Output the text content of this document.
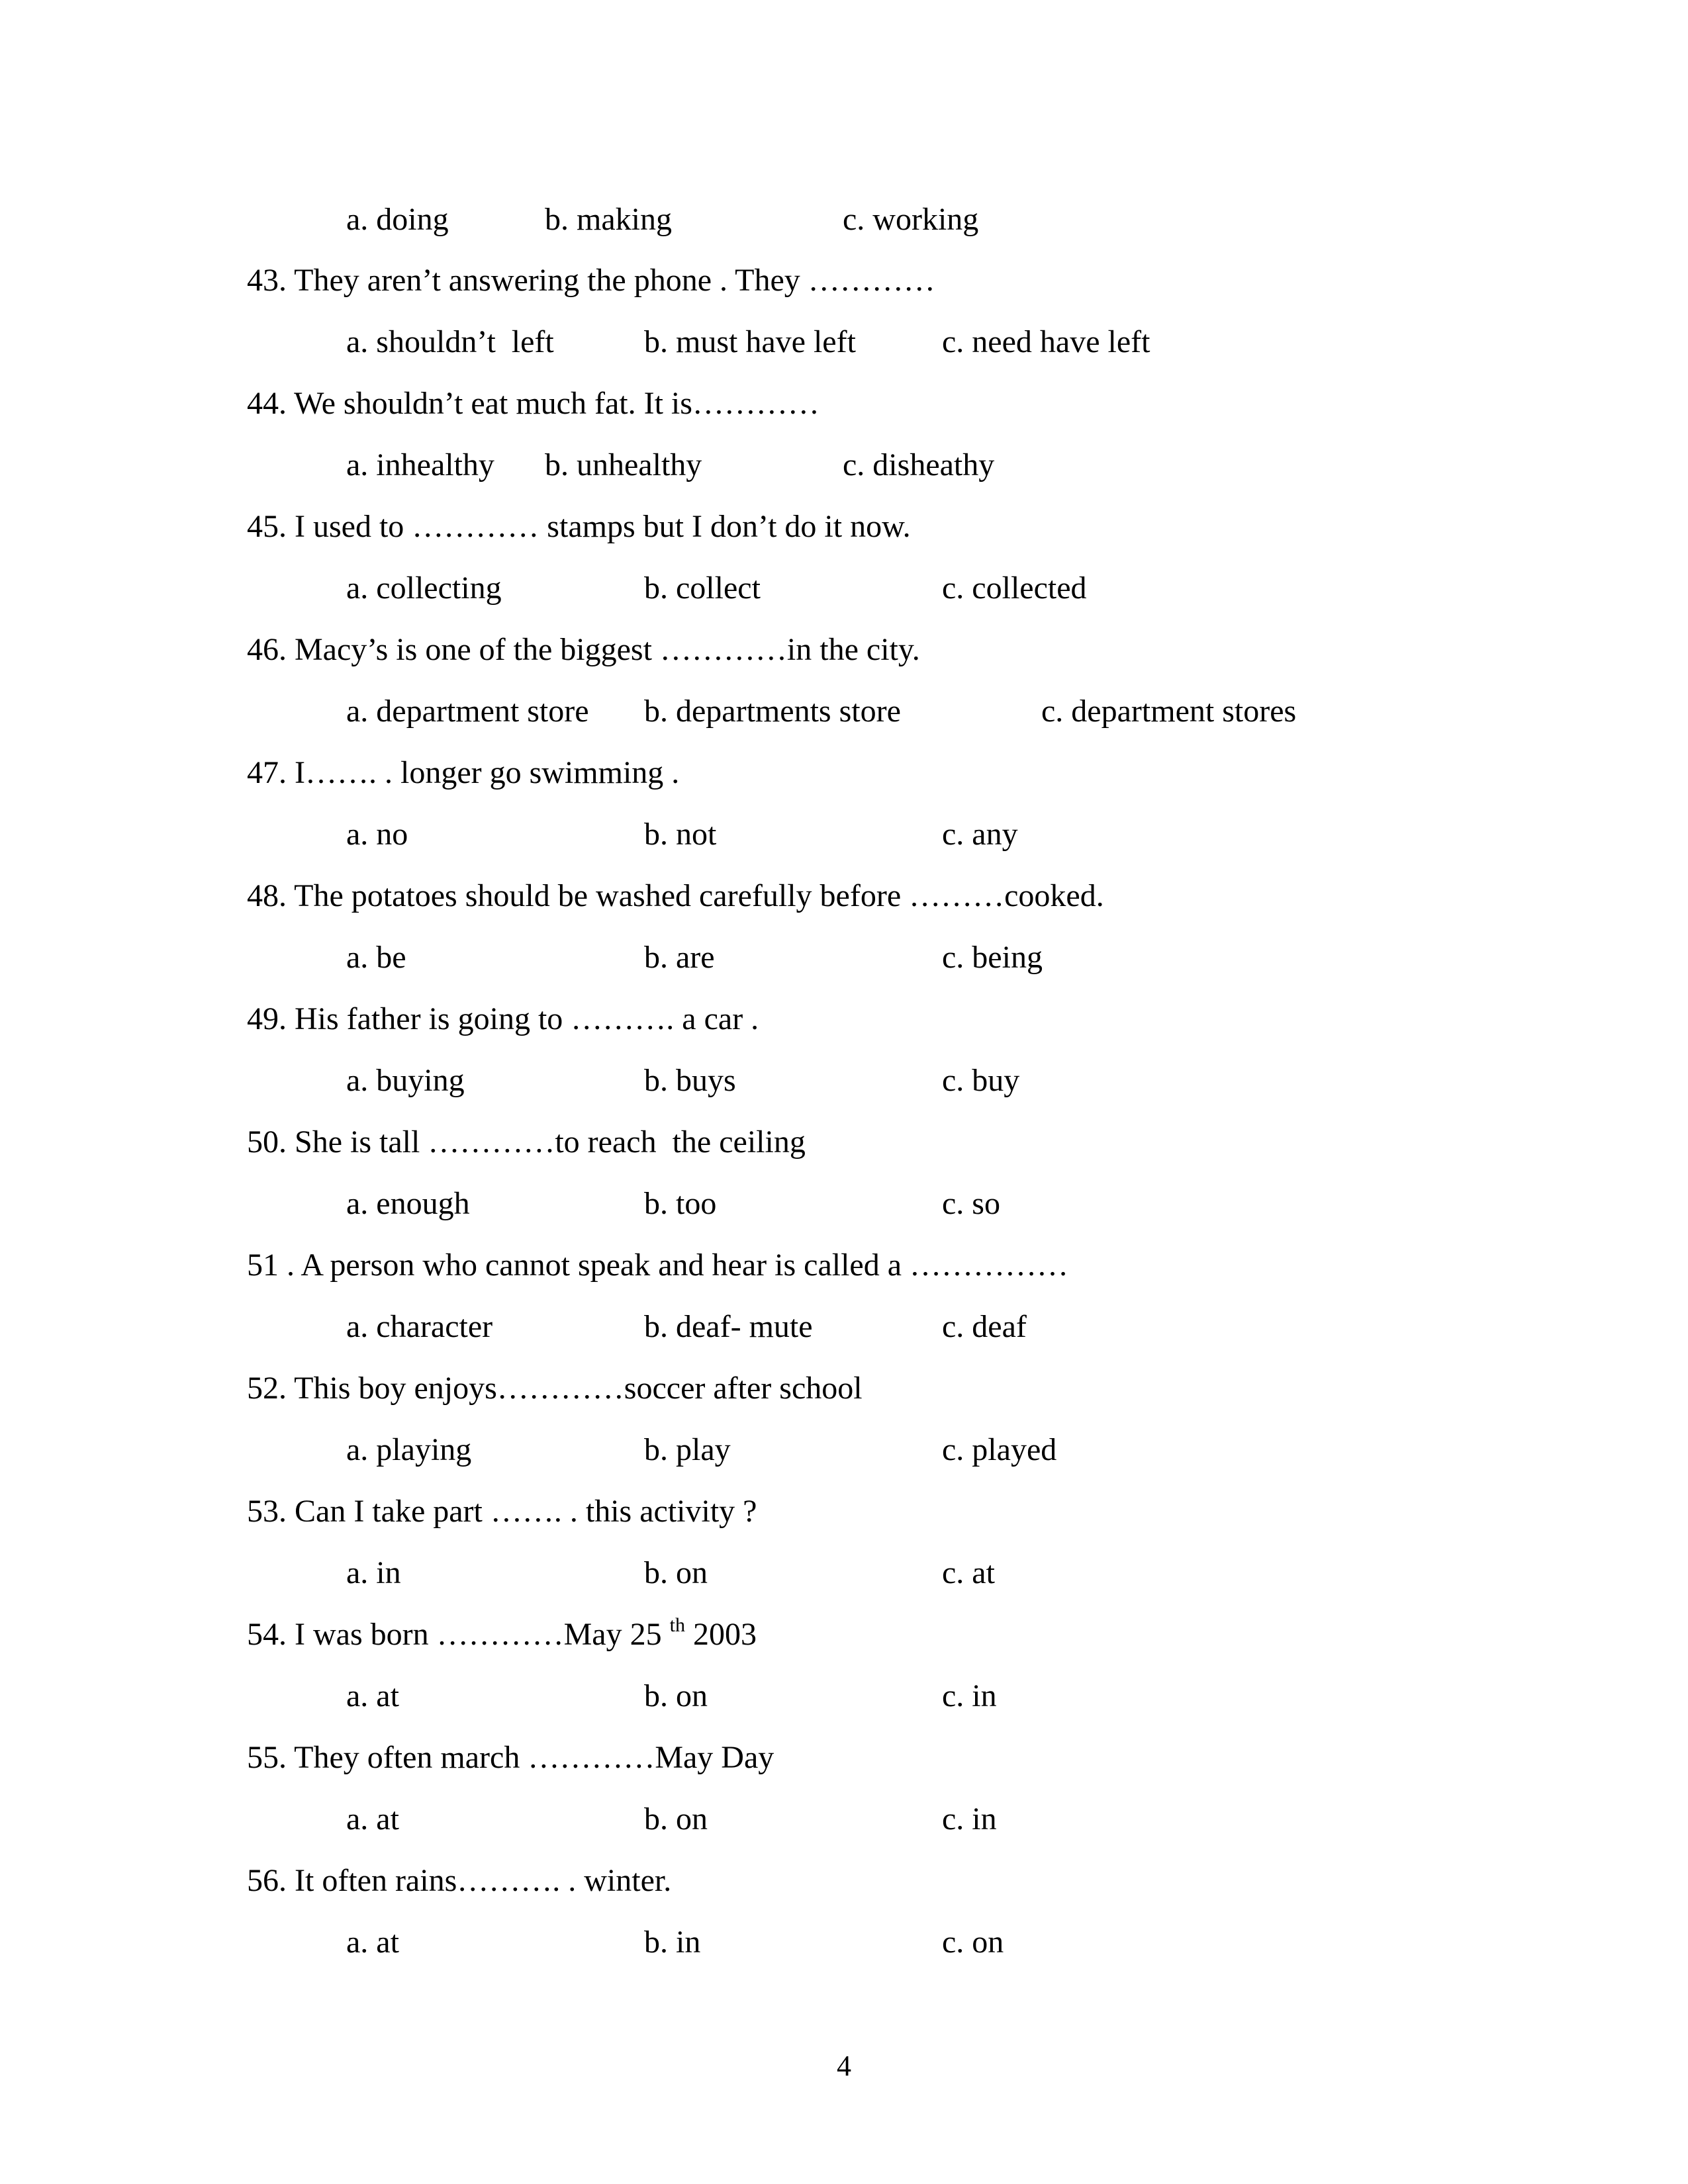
a. doing	b. making	c. working
43. They aren’t answering the phone . They …………
a. shouldn’t  left	b. must have left	c. need have left
44. We shouldn’t eat much fat. It is…………
a. inhealthy b. unhealthy	c. disheathy
45. I used to ………… stamps but I don’t do it now.
a. collecting	b. collect	c. collected
46. Macy’s is one of the biggest …………in the city.
a. department store b. departments store	c. department stores
47. I……. . longer go swimming .
a. no	b. not	c. any
48. The potatoes should be washed carefully before ………cooked.
a. be	b. are	c. being
49. His father is going to ………. a car .
a. buying	b. buys	c. buy
50. She is tall …………to reach  the ceiling
a. enough	b. too	c. so
51 . A person who cannot speak and hear is called a ……………
a. character	b. deaf- mute	c. deaf
52. This boy enjoys…………soccer after school
a. playing	b. play	c. played
53. Can I take part ……. . this activity ?
a. in	b. on	c. at
54. I was born …………May 25 $^{th}$ 2003
a. at	b. on	c. in
55. They often march …………May Day
a. at	b. on	c. in
56. It often rains………. . winter.
a. at	b. in	c. on
4
